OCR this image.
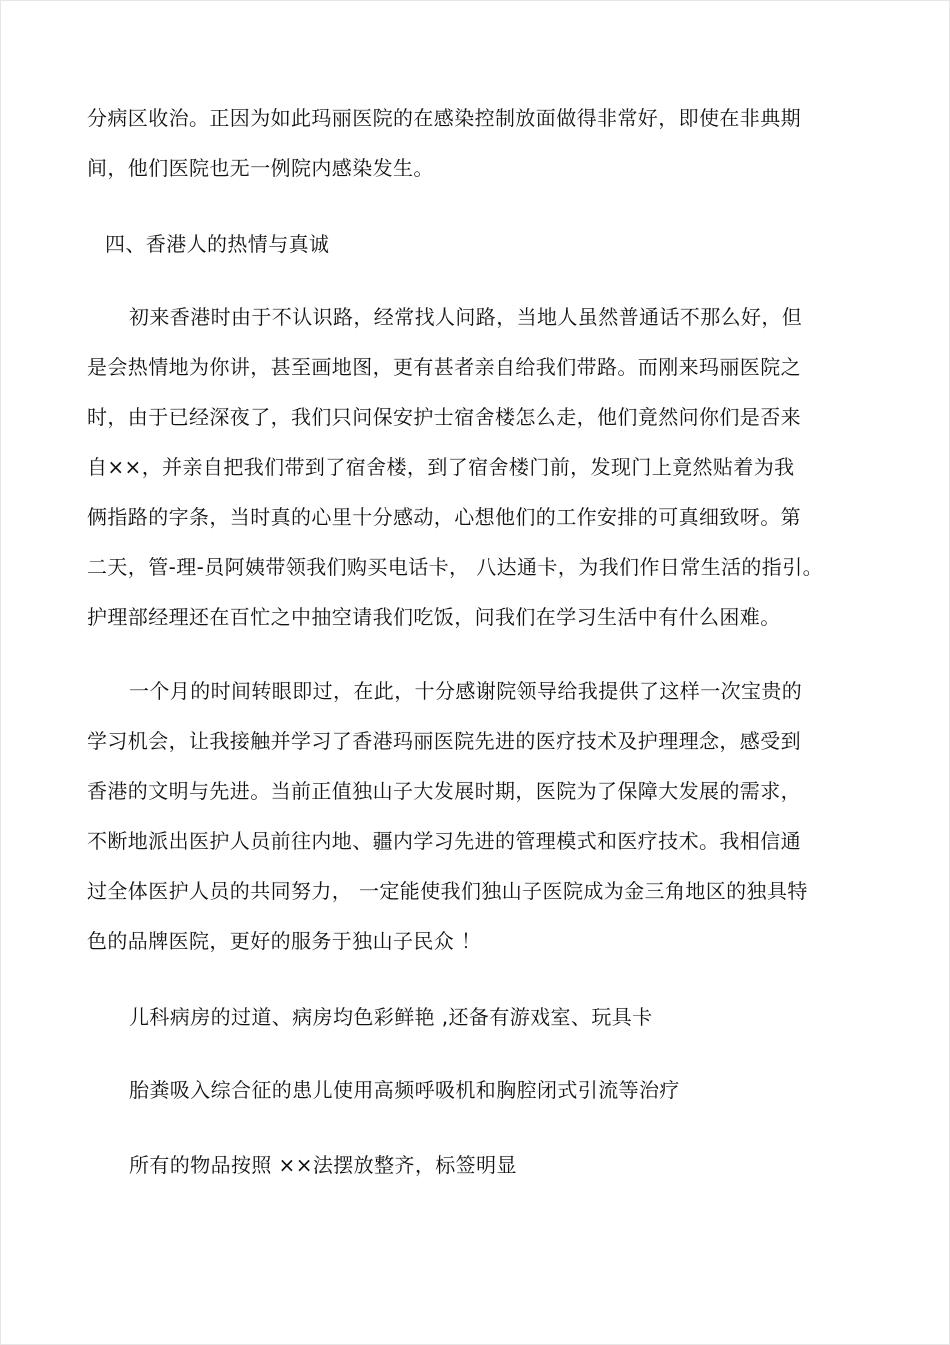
分病区收治。正因为如此玛丽医院的在感染控制放面做得非常好，即使在非典期
间，他们医院也无一例院内感染发生。
四、香港人的热情与真诚
初来香港时由于不认识路，经常找人问路，当地人虽然普通话不那么好，但
是会热情地为你讲，甚至画地图，更有甚者亲自给我们带路。而刚来玛丽医院之
时，由于已经深夜了，我们只问保安护士宿舍楼怎么走，他们竟然问你们是否来
自××，并亲自把我们带到了宿舍楼，到了宿舍楼门前，发现门上竟然贴着为我
俩指路的字条，当时真的心里十分感动，心想他们的工作安排的可真细致呀。第
二天，管-理-员阿姨带领我们购买电话卡， 八达通卡，为我们作日常生活的指引。
护理部经理还在百忙之中抽空请我们吃饭，问我们在学习生活中有什么困难。
一个月的时间转眼即过，在此，十分感谢院领导给我提供了这样一次宝贵的
学习机会，让我接触并学习了香港玛丽医院先进的医疗技术及护理理念，感受到
香港的文明与先进。当前正值独山子大发展时期，医院为了保障大发展的需求，
不断地派出医护人员前往内地、疆内学习先进的管理模式和医疗技术。我相信通
过全体医护人员的共同努力， 一定能使我们独山子医院成为金三角地区的独具特
色的品牌医院，更好的服务于独山子民众 ！
儿科病房的过道、病房均色彩鲜艳 ,还备有游戏室、玩具卡
胎粪吸入综合征的患儿使用高频呼吸机和胸腔闭式引流等治疗
所有的物品按照 ××法摆放整齐，标签明显
